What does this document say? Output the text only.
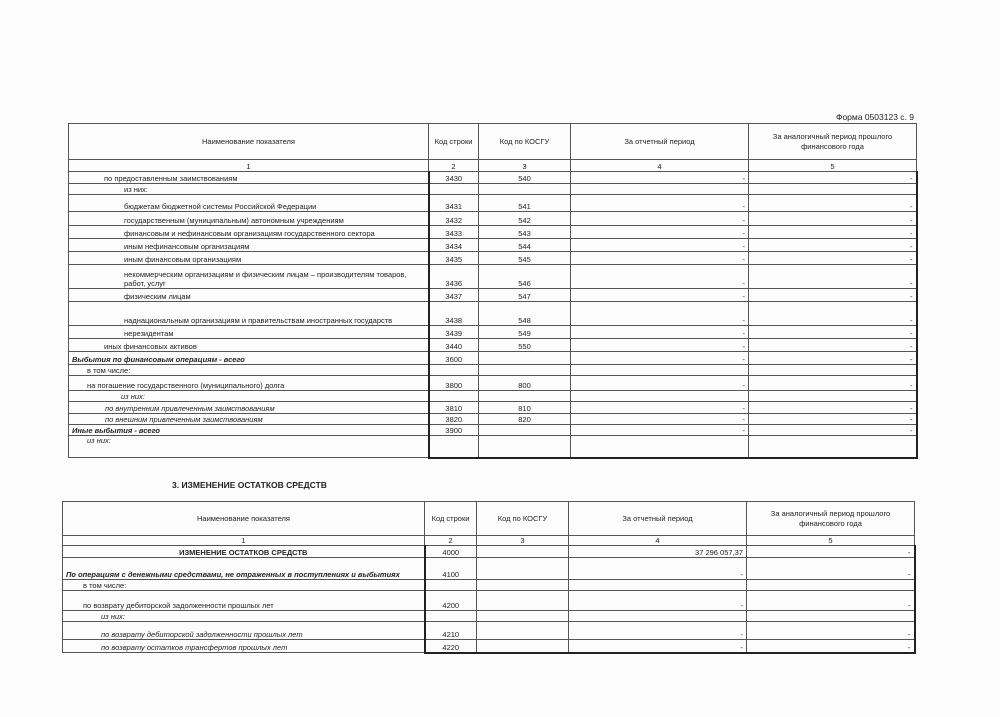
Форма 0503123 с. 9
Наименование показателя	Код строки	Код по КОСГУ	За отчетный период	За аналогичный период прошлого финансового года
1	2	3	4	5
по предоставленным заимствованиям	3430	540	-	-
из них:				
бюджетам бюджетной системы Российской Федерации	3431	541	-	-
государственным (муниципальным) автономным учреждениям	3432	542	-	-
финансовым и нефинансовым организациям государственного сектора	3433	543	-	-
иным нефинансовым организациям	3434	544	-	-
иным финансовым организациям	3435	545	-	-
некоммерческим организациям и физическим лицам – производителям товаров, работ, услуг	3436	546	-	-
физическим лицам	3437	547	-	-
наднациональным организациям и правительствам иностранных государств	3438	548	-	-
нерезидентам	3439	549	-	-
иных финансовых активов	3440	550	-	-
Выбытия по финансовым операциям - всего	3600		-	-
в том числе:				
на погашение государственного (муниципального) долга	3800	800	-	-
из них:				
по внутренним привлеченным заимствованиям	3810	810	-	-
по внешним привлеченным заимствованиям	3820	820	-	-
Иные выбытия - всего	3900		-	-
из них:				
3. ИЗМЕНЕНИЕ ОСТАТКОВ СРЕДСТВ
Наименование показателя	Код строки	Код по КОСГУ	За отчетный период	За аналогичный период прошлого финансового года
1	2	3	4	5
ИЗМЕНЕНИЕ ОСТАТКОВ СРЕДСТВ	4000		37 296 057,37	-
По операциям с денежными средствами, не отраженных в поступлениях и выбытиях	4100		-	-
в том числе:				
по возврату дебиторской задолженности прошлых лет	4200		-	-
из них:				
по возврату дебиторской задолженности прошлых лет	4210		-	-
по возврату остатков трансфертов прошлых лет	4220		-	-
